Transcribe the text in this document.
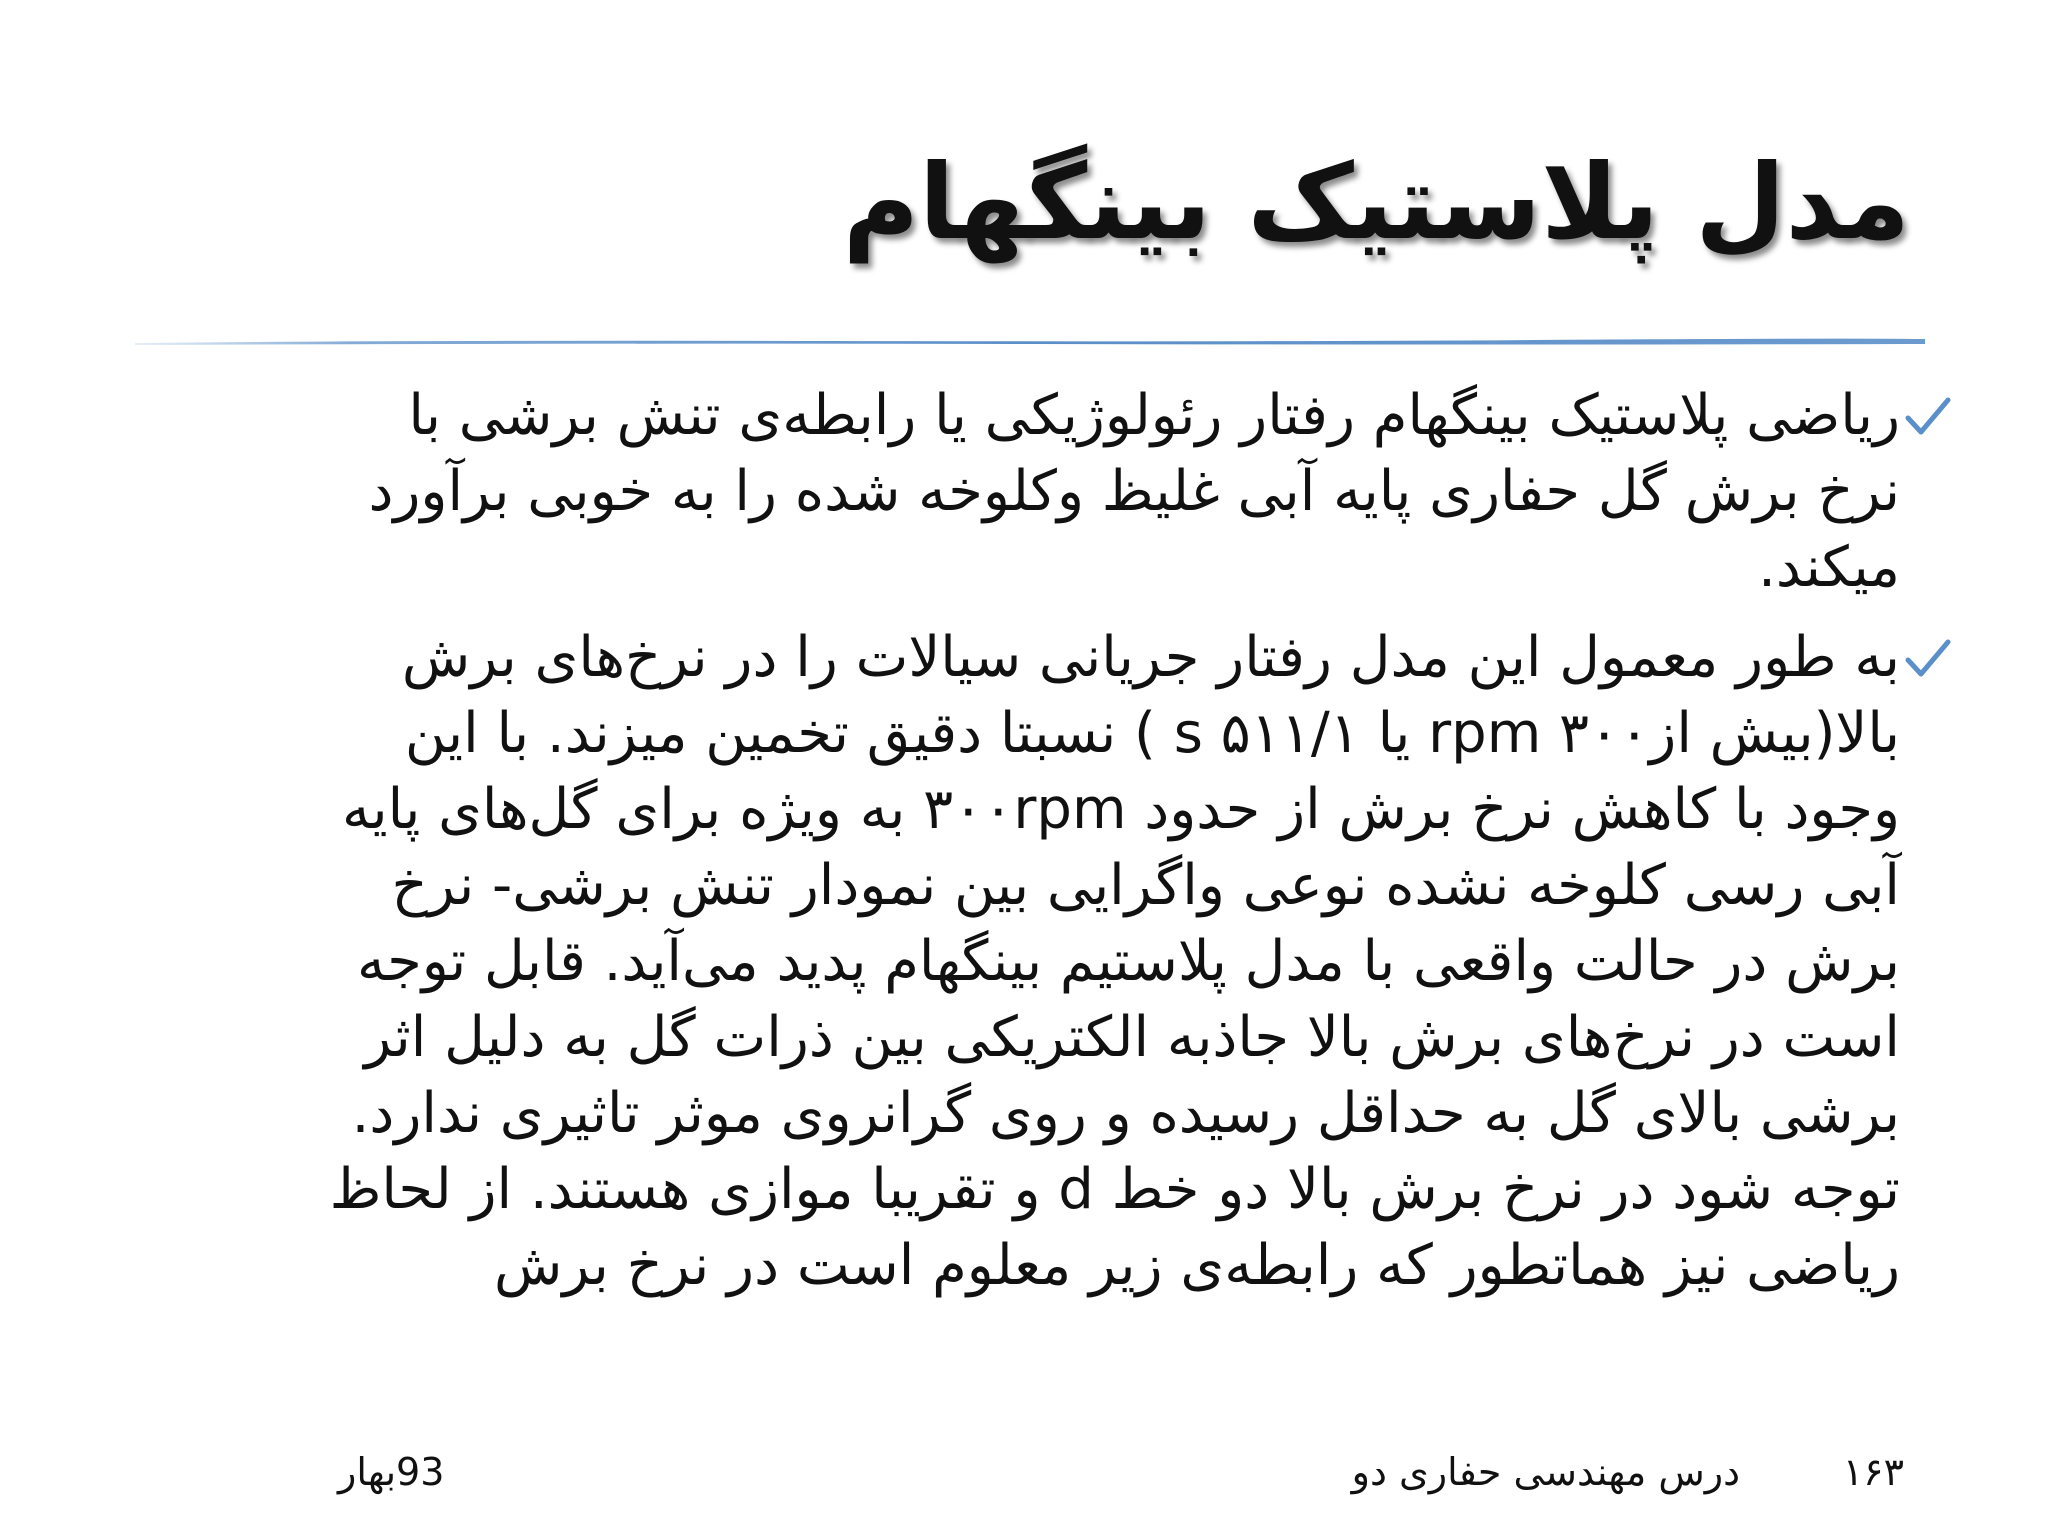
مدل پلاستیک بینگهام
ریاضی پلاستیک بینگهام رفتار رئولوژیکی یا رابطه‌ی تنش برشی با
نرخ برش گل حفاری پایه آبی غلیظ وکلوخه شده را به خوبی برآورد
میکند.
به طور معمول این مدل رفتار جریانی سیالات را در نرخ‌های برش
بالا(بیش ازrpm ۳۰۰ یا ۱/s ۵۱۱ ) نسبتا دقیق تخمین میزند. با این
وجود با کاهش نرخ برش از حدود ۳۰۰rpm به ویژه برای گل‌های پایه
آبی رسی کلوخه نشده نوعی واگرایی بین نمودار تنش برشی- نرخ
برش در حالت واقعی با مدل پلاستیم بینگهام پدید می‌آید. قابل توجه
است در نرخ‌های برش بالا جاذبه الکتریکی بین ذرات گل به دلیل اثر
برشی بالای گل به حداقل رسیده و روی گرانروی موثر تاثیری ندارد.
توجه شود در نرخ برش بالا دو خط d و تقریبا موازی هستند. از لحاظ
ریاضی نیز هماتطور که رابطه‌ی زیر معلوم است در نرخ برش
۱۶۳
درس مهندسی حفاری دو
93بهار
